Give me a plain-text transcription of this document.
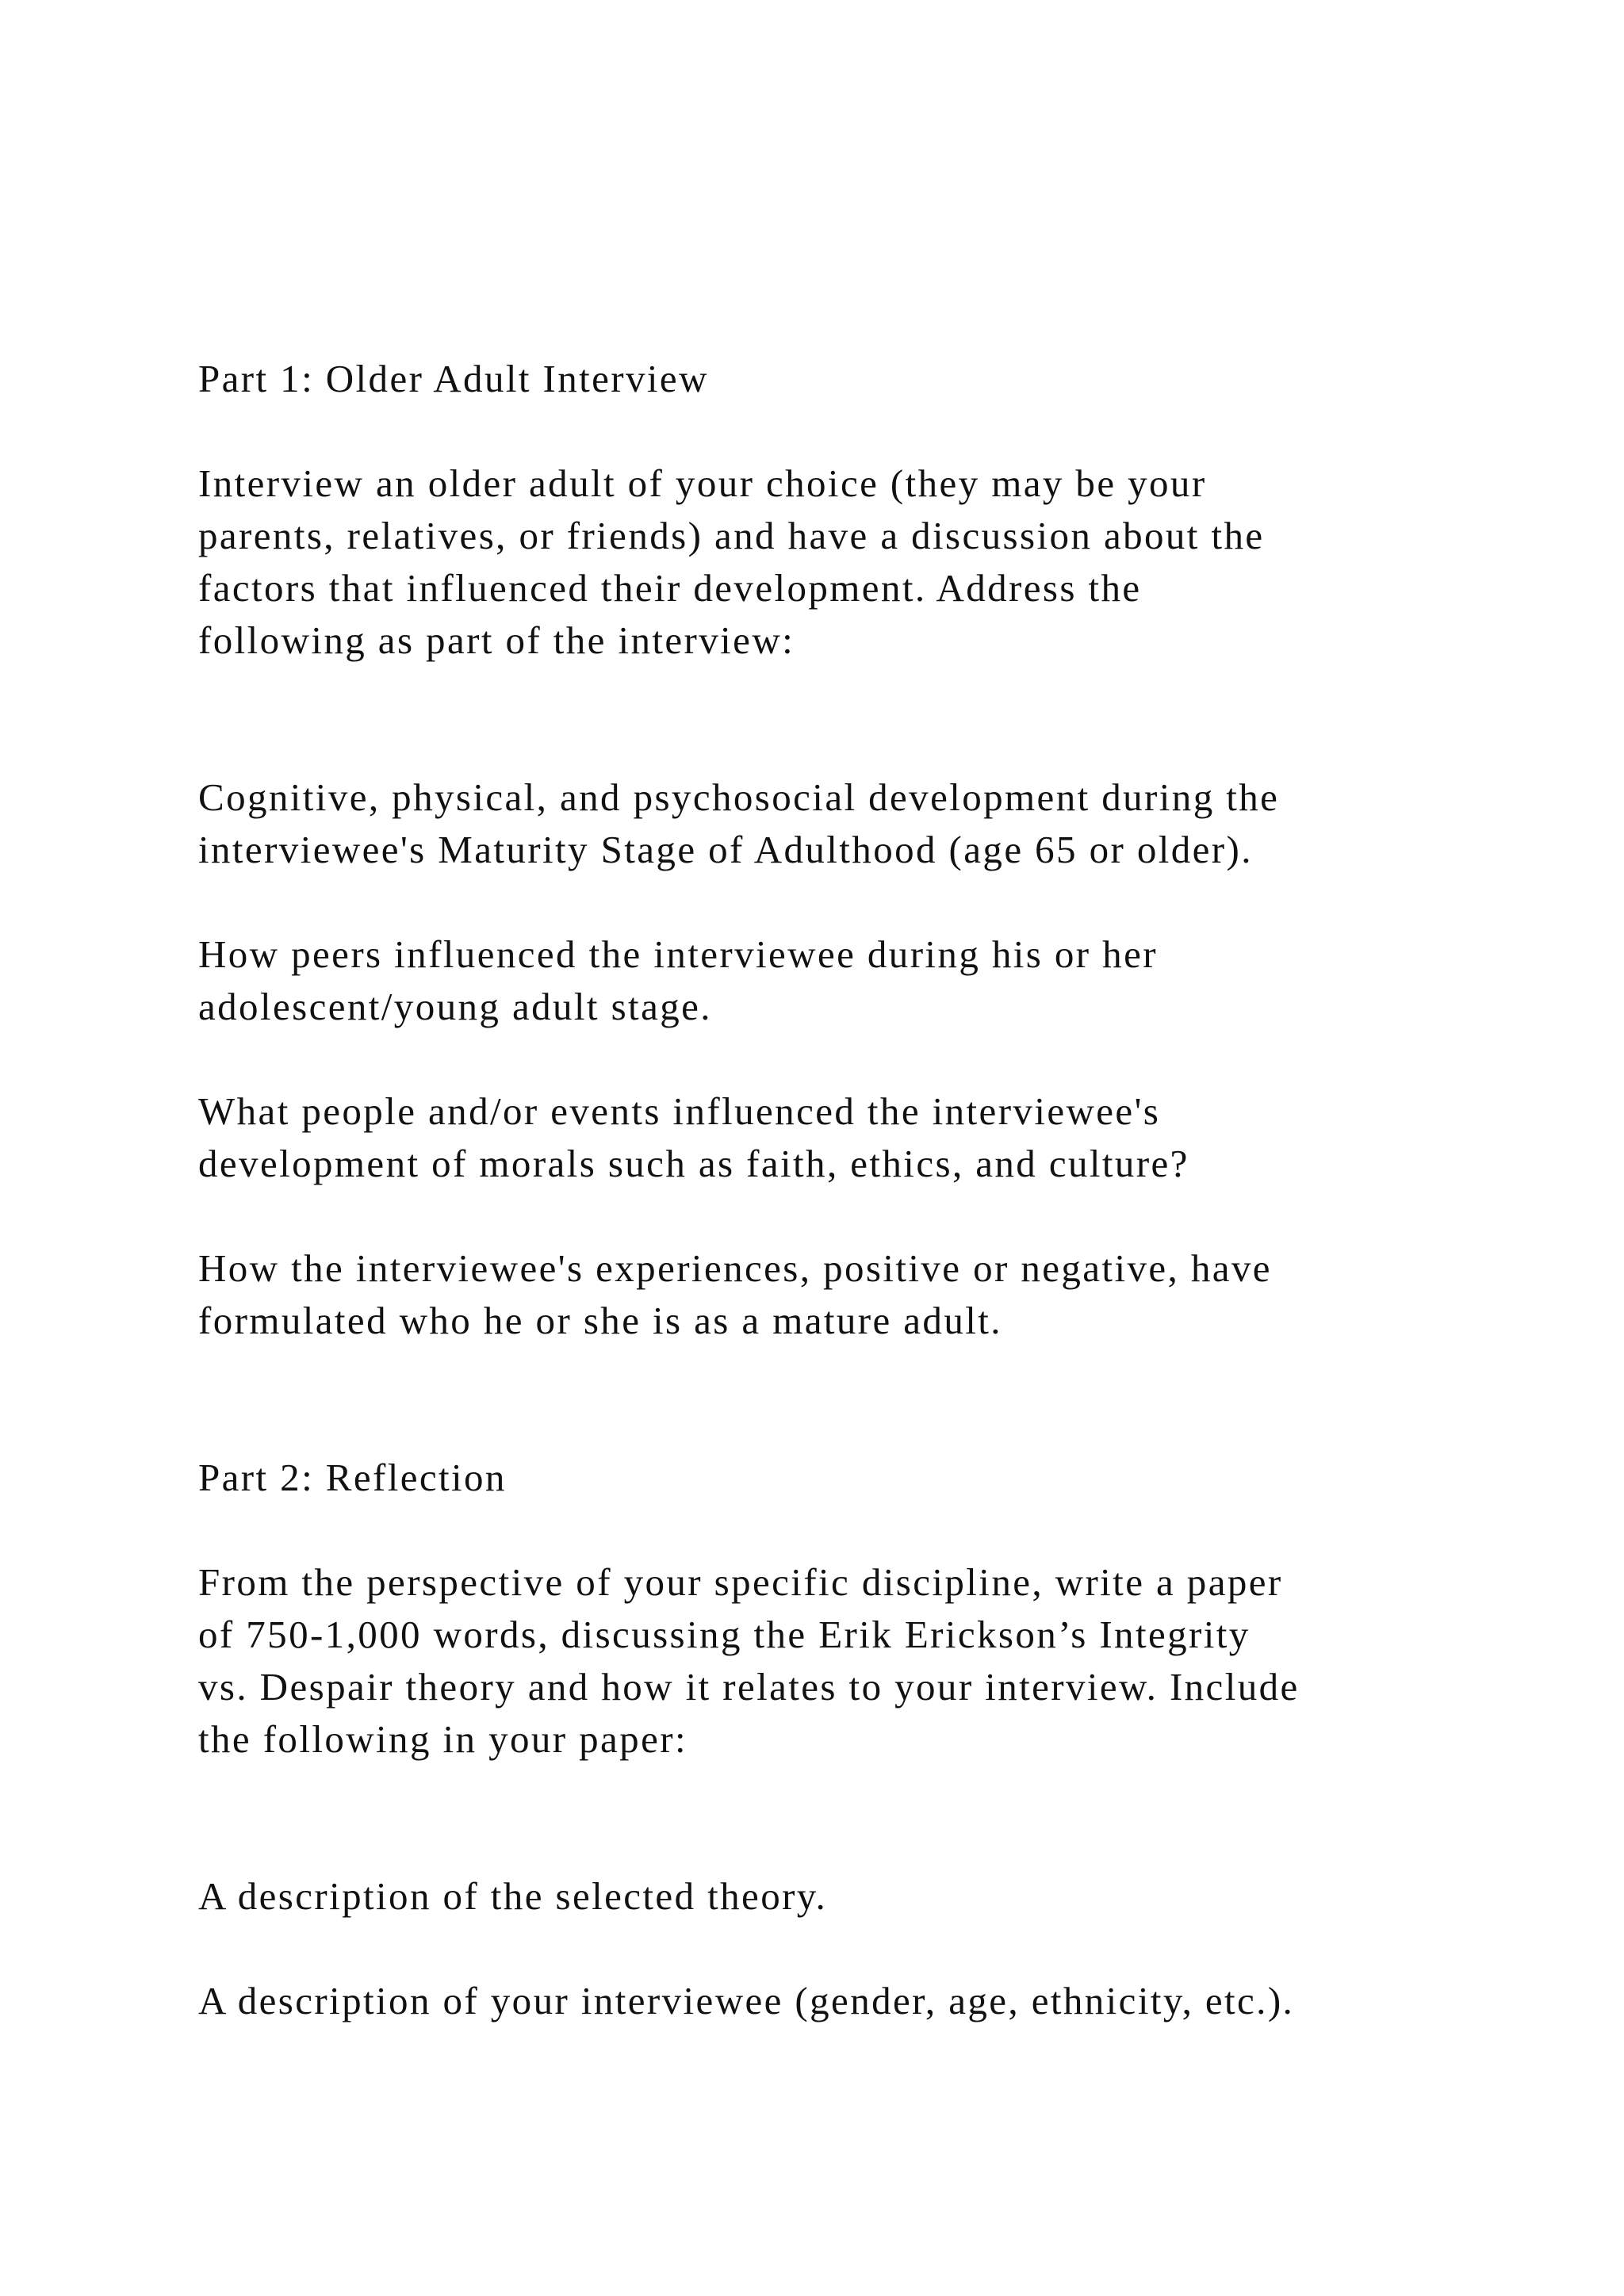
Part 1: Older Adult Interview

Interview an older adult of your choice (they may be your
parents, relatives, or friends) and have a discussion about the
factors that influenced their development. Address the
following as part of the interview:

Cognitive, physical, and psychosocial development during the
interviewee's Maturity Stage of Adulthood (age 65 or older).

How peers influenced the interviewee during his or her
adolescent/young adult stage.

What people and/or events influenced the interviewee's
development of morals such as faith, ethics, and culture?

How the interviewee's experiences, positive or negative, have
formulated who he or she is as a mature adult.

Part 2: Reflection

From the perspective of your specific discipline, write a paper
of 750-1,000 words, discussing the Erik Erickson’s Integrity
vs. Despair theory and how it relates to your interview. Include
the following in your paper:

A description of the selected theory.

A description of your interviewee (gender, age, ethnicity, etc.).
